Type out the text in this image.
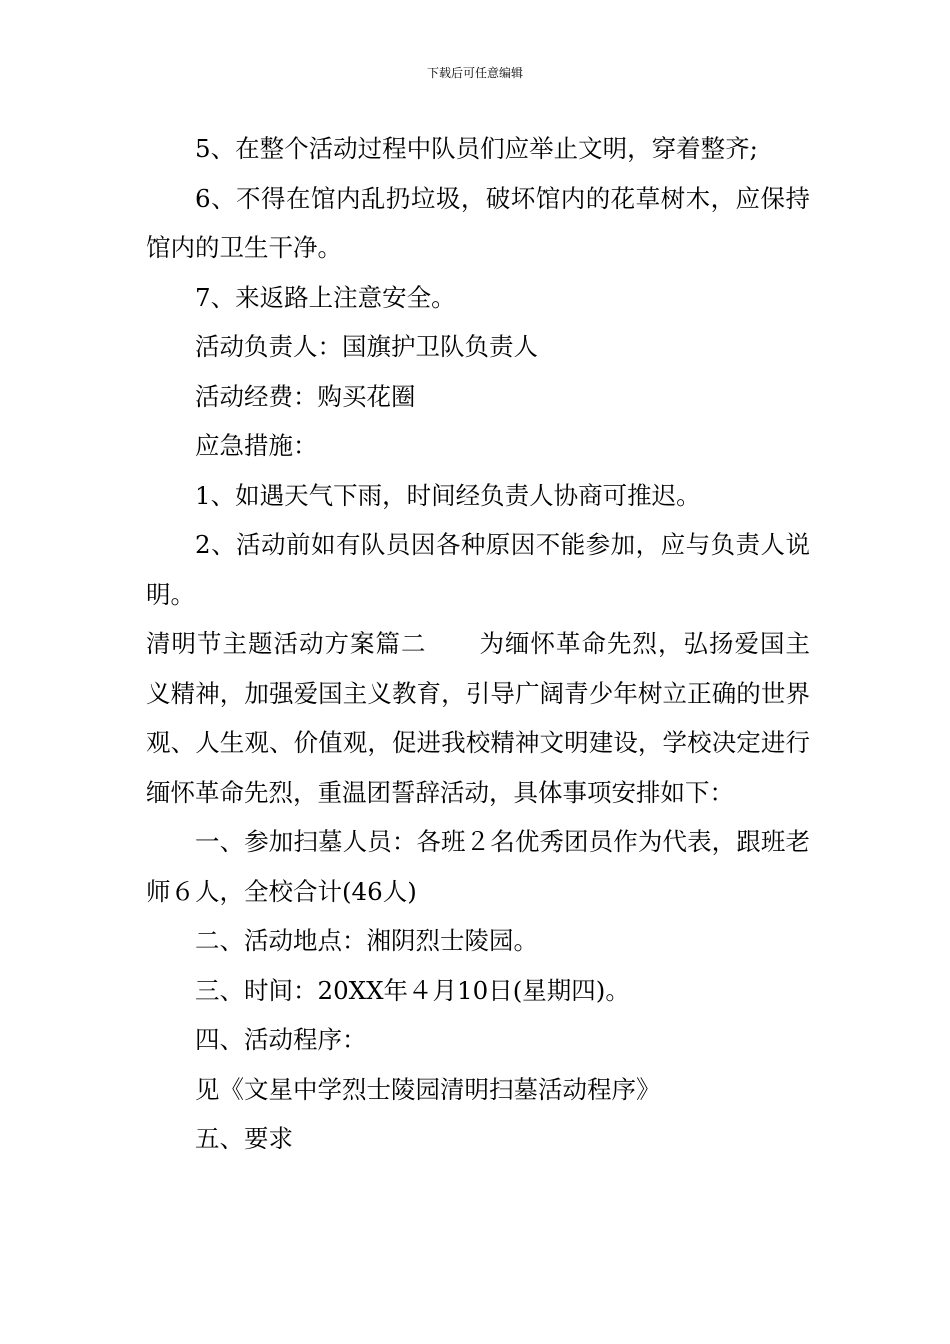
下载后可任意编辑

5、在整个活动过程中队员们应举止文明，穿着整齐;

6、不得在馆内乱扔垃圾，破坏馆内的花草树木，应保持馆内的卫生干净。

7、来返路上注意安全。

活动负责人：国旗护卫队负责人

活动经费：购买花圈

应急措施：

1、如遇天气下雨，时间经负责人协商可推迟。

2、活动前如有队员因各种原因不能参加，应与负责人说明。

清明节主题活动方案篇二 为缅怀革命先烈，弘扬爱国主义精神，加强爱国主义教育，引导广阔青少年树立正确的世界观、人生观、价值观，促进我校精神文明建设，学校决定进行缅怀革命先烈，重温团誓辞活动，具体事项安排如下：

一、参加扫墓人员：各班２名优秀团员作为代表，跟班老师６人，全校合计(46人)

二、活动地点：湘阴烈士陵园。

三、时间：20XX年４月10日(星期四)。

四、活动程序：

见《文星中学烈士陵园清明扫墓活动程序》

五、要求
